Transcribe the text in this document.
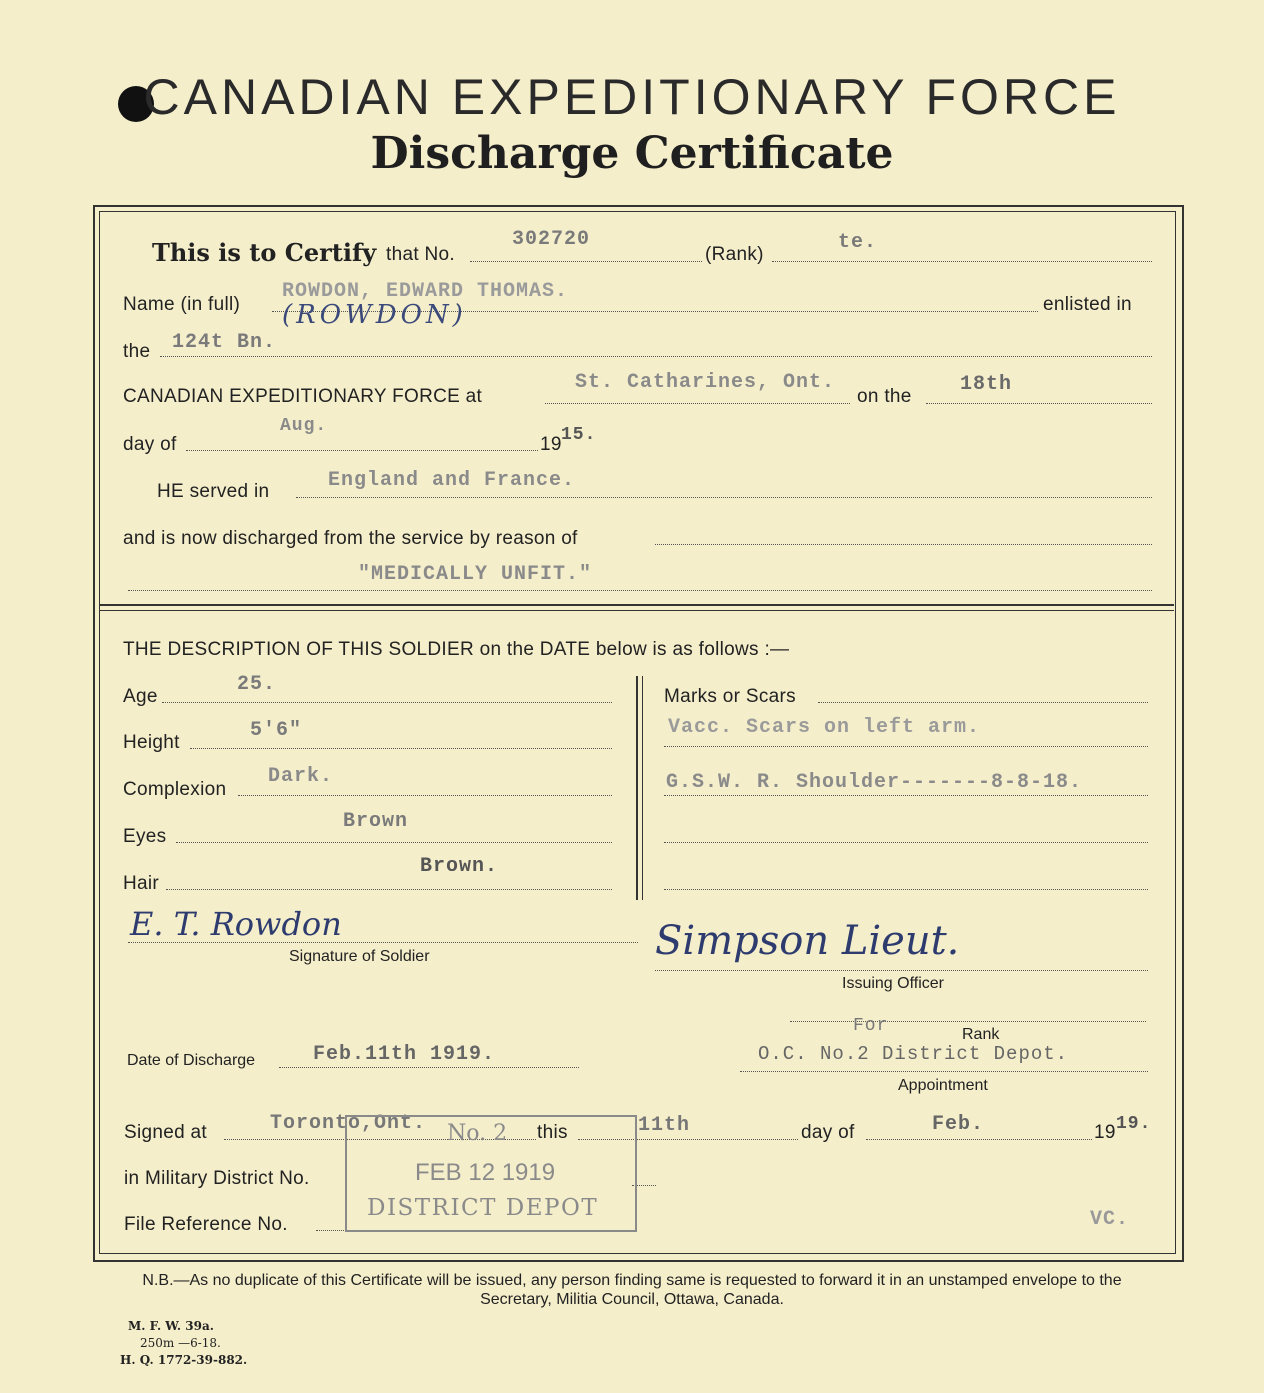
CANADIAN EXPEDITIONARY FORCE
Discharge Certificate
This is to Certify that No.
302720
(Rank)
te.
Name (in full)
ROWDON, EDWARD THOMAS.
(ROWDON)	enlisted in
the 124t Bn.
CANADIAN EXPEDITIONARY FORCE at
St. Catharines, Ont.
on the
18th
day of
Aug.
19 15.
HE served in	England and France.
and is now discharged from the service by reason of
"MEDICALLY UNFIT."
THE DESCRIPTION OF THIS SOLDIER on the DATE below is as follows :—
Age
25.
Height
5'6"
Complexion
Dark.
Eyes
Brown
Hair
Brown.
Marks or Scars
Vacc. Scars on left arm.
G.S.W. R. Shoulder-------8-8-18.
E. T. Rowdon
Signature of Soldier	Simpson Lieut.
Issuing Officer
For	Rank
O.C. No.2 District Depot.
Appointment
Date of Discharge	Feb.11th 1919.
Signed at	Toronto,Ont.	this	11th	day of	Feb.	19 19.
in Military District No.
File Reference No.	VC.
No. 2
FEB 12 1919
DISTRICT DEPOT
N.B.—As no duplicate of this Certificate will be issued, any person finding same is requested to forward it in an unstamped envelope to the Secretary, Militia Council, Ottawa, Canada.
M. F. W. 39a.
250m —6-18.
H. Q. 1772-39-882.
